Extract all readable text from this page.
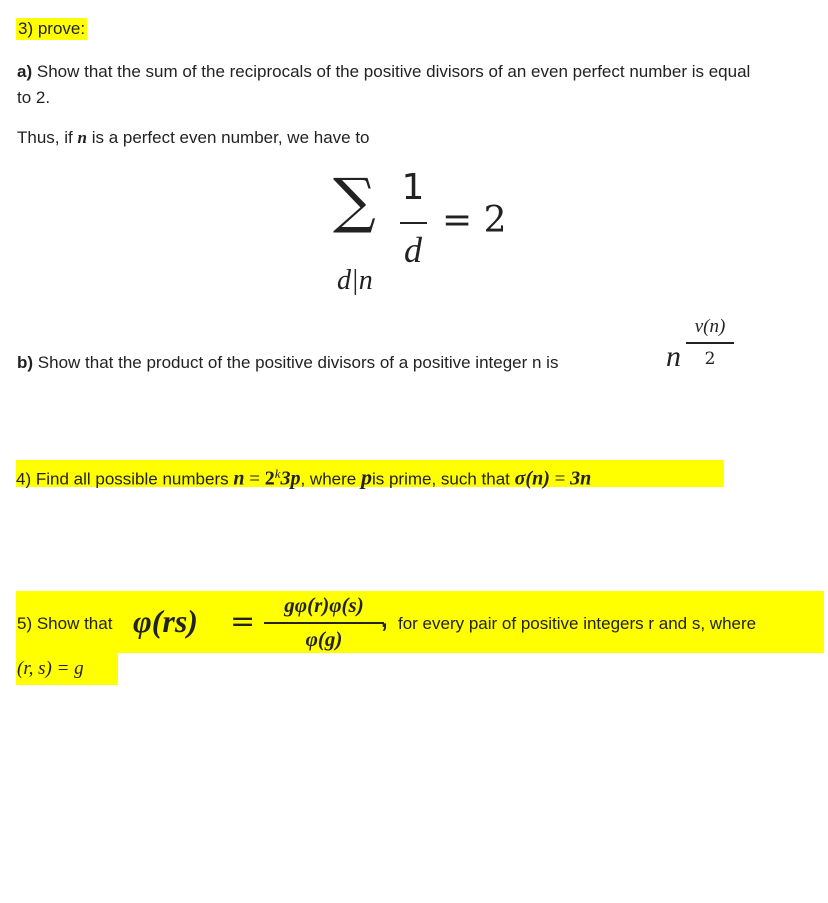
3) prove:
a) Show that the sum of the reciprocals of the positive divisors of an even perfect number is equal
to 2.
Thus, if n is a perfect even number, we have to
∑ 1
d
= 2
d|n
b) Show that the product of the positive divisors of a positive integer n is	n
v(n)
2
4) Find all possible numbers $n = 2^k3p$, where pis prime, such that σ(n) = 3n
5) Show that φ(rs) =	gφ(r)φ(s)
φ(g)
, for every pair of positive integers r and s, where
(r, s) = g
